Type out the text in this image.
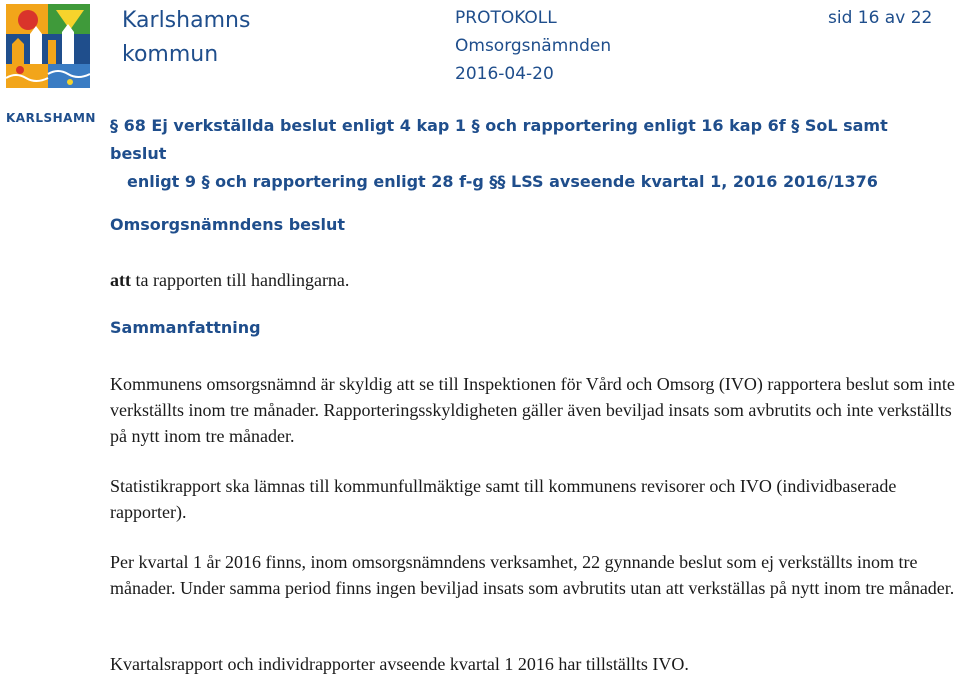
KARLSHAMN
Karlshamns
kommun
PROTOKOLL
Omsorgsnämnden
2016-04-20
sid 16 av 22
§ 68 Ej verkställda beslut enligt 4 kap 1 § och rapportering enligt 16 kap 6f § SoL samt beslut
enligt 9 § och rapportering enligt 28 f-g §§ LSS avseende kvartal 1, 2016 2016/1376
Omsorgsnämndens beslut
att ta rapporten till handlingarna.
Sammanfattning

Kommunens omsorgsnämnd är skyldig att se till Inspektionen för Vård och Omsorg (IVO) rapportera beslut som inte verkställts inom tre månader. Rapporteringsskyldigheten gäller även beviljad insats som avbrutits och inte verkställts på nytt inom tre månader.

Statistikrapport ska lämnas till kommunfullmäktige samt till kommunens revisorer och IVO (individbaserade rapporter).

Per kvartal 1 år 2016 finns, inom omsorgsnämndens verksamhet, 22 gynnande beslut som ej verkställts inom tre månader. Under samma period finns ingen beviljad insats som avbrutits utan att verkställas på nytt inom tre månader.

Kvartalsrapport och individrapporter avseende kvartal 1 2016 har tillställts IVO.
